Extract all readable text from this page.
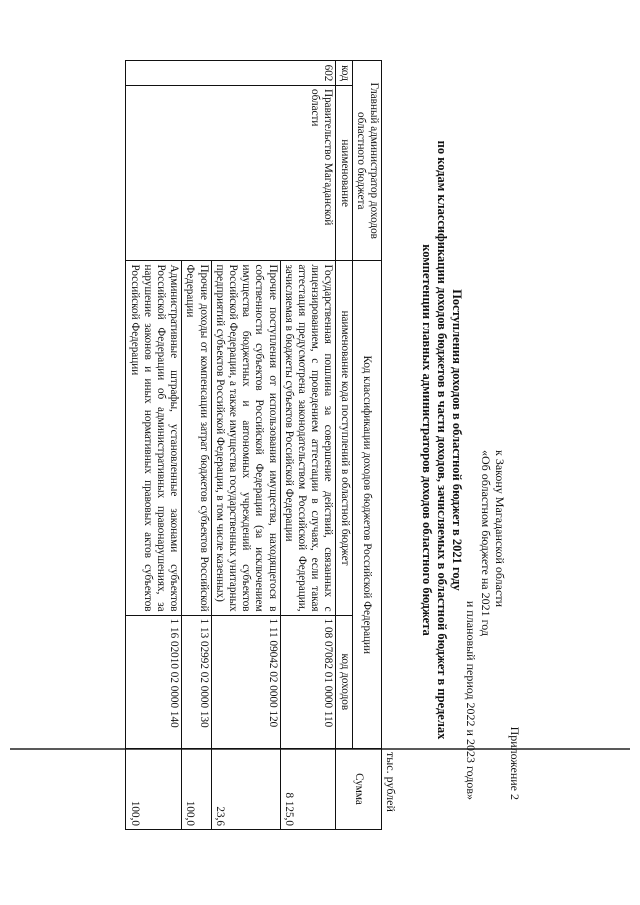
Приложение 2
к Закону Магаданской области
«Об областном бюджете на 2021 год
и плановый период 2022 и 2023 годов»
Поступления доходов в областной бюджет в 2021 году
по кодам классификации доходов бюджетов в части доходов, зачисляемых в областной бюджет в пределах
компетенции главных администраторов доходов областного бюджета
тыс. рублей
Главный администратор доходов областного бюджета		Код классификации доходов бюджетов Российской Федерации		Сумма
код	наименование	наименование кода поступлений в областной бюджет	код доходов	
602	Правительство Магаданской области	Государственная пошлина за совершение действий, связанных с лицензированием, с проведением аттестации в случаях, если такая аттестация предусмотрена законодательством Российской Федерации, зачисляемая в бюджеты субъектов Российской Федерации	1 08 07082 01 0000 110	8 125,0
		Прочие поступления от использования имущества, находящегося в собственности субъектов Российской Федерации (за исключением имущества бюджетных и автономных учреждений субъектов Российской Федерации, а также имущества государственных унитарных предприятий субъектов Российской Федерации, в том числе казенных)	1 11 09042 02 0000 120	23,6
		Прочие доходы от компенсации затрат бюджетов субъектов Российской Федерации	1 13 02992 02 0000 130	100,0
		Административные штрафы, установленные законами субъектов Российской Федерации об административных правонарушениях, за нарушение законов и иных нормативных правовых актов субъектов Российской Федерации	1 16 02010 02 0000 140	100,0
